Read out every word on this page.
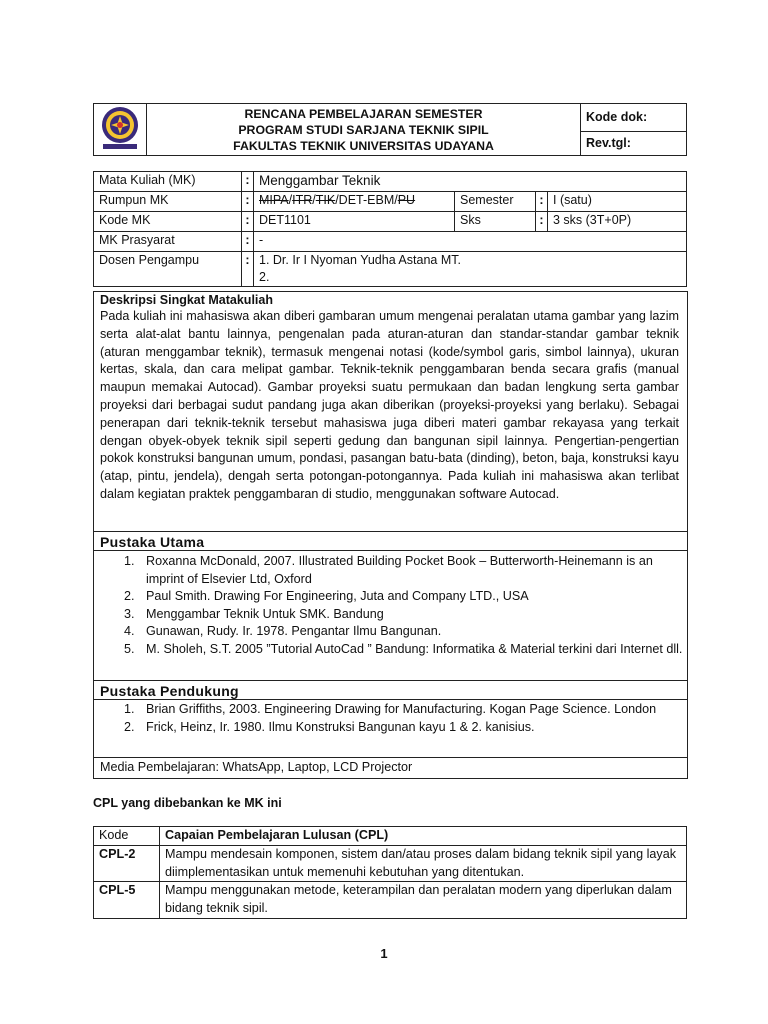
RENCANA PEMBELAJARAN SEMESTER
PROGRAM STUDI SARJANA TEKNIK SIPIL
FAKULTAS TEKNIK UNIVERSITAS UDAYANA
	Kode dok:
Rev.tgl:
Mata Kuliah (MK)	:	Menggambar Teknik			
Rumpun MK	:	MIPA/ITR/TIK/DET-EBM/PU	Semester	:	I (satu)
Kode MK	:	DET1101	Sks	:	3 sks (3T+0P)
MK Prasyarat	:	-			
Dosen Pengampu	:	1. Dr. Ir I Nyoman Yudha Astana MT.
2.			
Deskripsi Singkat Matakuliah
Pada kuliah ini mahasiswa akan diberi gambaran umum mengenai peralatan utama gambar yang lazim serta alat-alat bantu lainnya, pengenalan pada aturan-aturan dan standar-standar gambar teknik (aturan menggambar teknik), termasuk mengenai notasi (kode/symbol garis, simbol lainnya), ukuran kertas, skala, dan cara melipat gambar. Teknik-teknik penggambaran benda secara grafis (manual maupun memakai Autocad). Gambar proyeksi suatu permukaan dan badan lengkung serta gambar proyeksi dari berbagai sudut pandang juga akan diberikan (proyeksi-proyeksi yang berlaku). Sebagai penerapan dari teknik-teknik tersebut mahasiswa juga diberi materi gambar rekayasa yang terkait dengan obyek-obyek teknik sipil seperti gedung dan bangunan sipil lainnya. Pengertian-pengertian pokok konstruksi bangunan umum, pondasi, pasangan batu-bata (dinding), beton, baja, konstruksi kayu (atap, pintu, jendela), dengah serta potongan-potongannya. Pada kuliah ini mahasiswa akan terlibat dalam kegiatan praktek penggambaran di studio, menggunakan software Autocad.
Pustaka Utama
1. Roxanna McDonald, 2007. Illustrated Building Pocket Book – Butterworth-Heinemann is an imprint of Elsevier Ltd, Oxford
2. Paul Smith. Drawing For Engineering, Juta and Company LTD., USA
3. Menggambar Teknik Untuk SMK. Bandung
4. Gunawan, Rudy. Ir. 1978. Pengantar Ilmu Bangunan.
5. M. Sholeh, S.T. 2005 ”Tutorial AutoCad ” Bandung: Informatika & Material terkini dari Internet dll.
Pustaka Pendukung
1. Brian Griffiths, 2003. Engineering Drawing for Manufacturing. Kogan Page Science. London
2. Frick, Heinz, Ir. 1980. Ilmu Konstruksi Bangunan kayu 1 & 2. kanisius.
Media Pembelajaran: WhatsApp, Laptop, LCD Projector
CPL yang dibebankan ke MK ini
Kode	Capaian Pembelajaran Lulusan (CPL)
CPL-2	Mampu mendesain komponen, sistem dan/atau proses dalam bidang teknik sipil yang layak diimplementasikan untuk memenuhi kebutuhan yang ditentukan.
CPL-5	Mampu menggunakan metode, keterampilan dan peralatan modern yang diperlukan dalam bidang teknik sipil.
1
